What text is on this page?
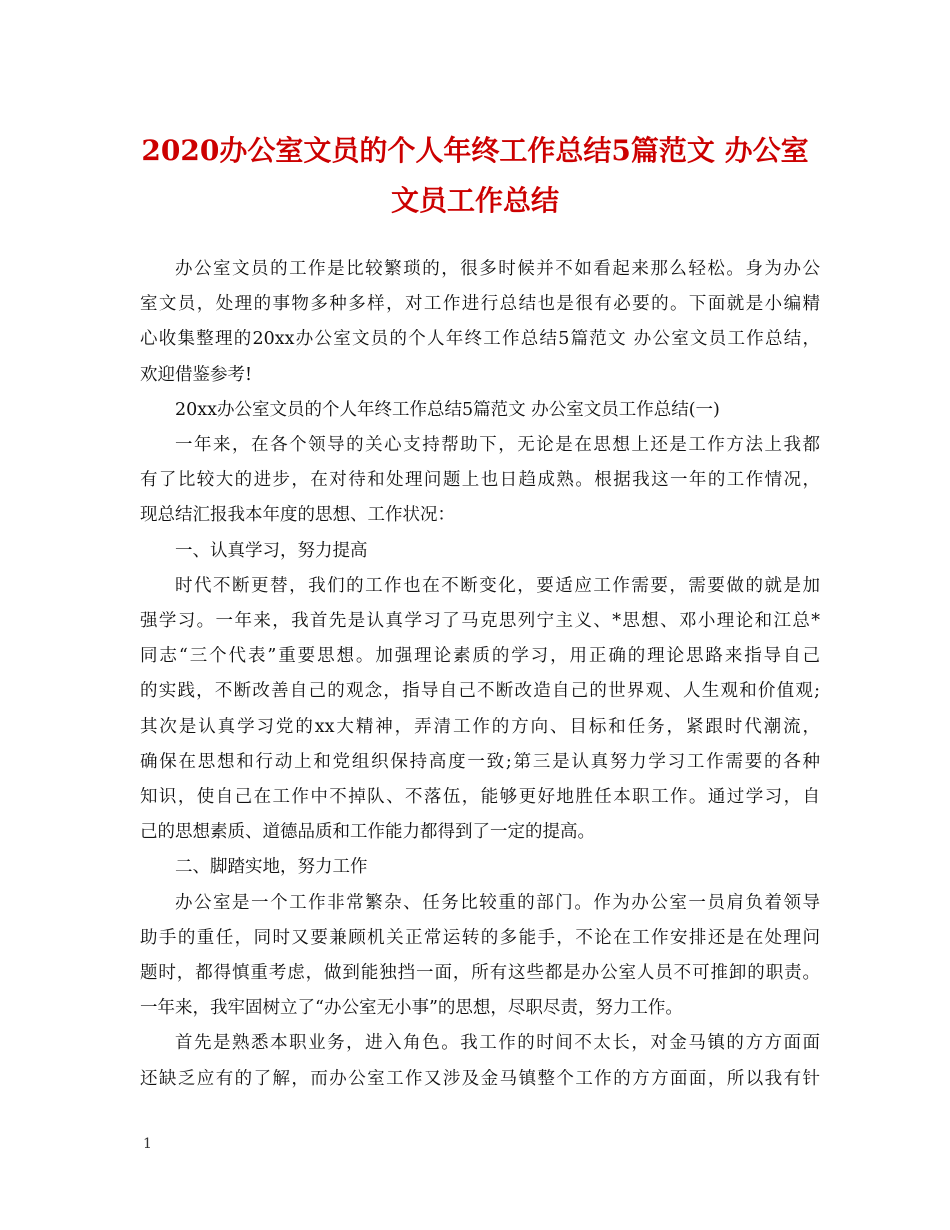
2020办公室文员的个人年终工作总结5篇范文 办公室
文员工作总结
办公室文员的工作是比较繁琐的，很多时候并不如看起来那么轻松。身为办公
室文员，处理的事物多种多样，对工作进行总结也是很有必要的。下面就是小编精
心收集整理的20xx办公室文员的个人年终工作总结5篇范文 办公室文员工作总结，
欢迎借鉴参考!
20xx办公室文员的个人年终工作总结5篇范文 办公室文员工作总结(一)
一年来，在各个领导的关心支持帮助下，无论是在思想上还是工作方法上我都
有了比较大的进步，在对待和处理问题上也日趋成熟。根据我这一年的工作情况，
现总结汇报我本年度的思想、工作状况：
一、认真学习，努力提高
时代不断更替，我们的工作也在不断变化，要适应工作需要，需要做的就是加
强学习。一年来，我首先是认真学习了马克思列宁主义、*思想、邓小理论和江总*
同志“三个代表”重要思想。加强理论素质的学习，用正确的理论思路来指导自己
的实践，不断改善自己的观念，指导自己不断改造自己的世界观、人生观和价值观;
其次是认真学习党的xx大精神，弄清工作的方向、目标和任务，紧跟时代潮流，
确保在思想和行动上和党组织保持高度一致;第三是认真努力学习工作需要的各种
知识，使自己在工作中不掉队、不落伍，能够更好地胜任本职工作。通过学习，自
己的思想素质、道德品质和工作能力都得到了一定的提高。
二、脚踏实地，努力工作
办公室是一个工作非常繁杂、任务比较重的部门。作为办公室一员肩负着领导
助手的重任，同时又要兼顾机关正常运转的多能手，不论在工作安排还是在处理问
题时，都得慎重考虑，做到能独挡一面，所有这些都是办公室人员不可推卸的职责。
一年来，我牢固树立了“办公室无小事”的思想，尽职尽责，努力工作。
首先是熟悉本职业务，进入角色。我工作的时间不太长，对金马镇的方方面面
还缺乏应有的了解，而办公室工作又涉及金马镇整个工作的方方面面，所以我有针
1
